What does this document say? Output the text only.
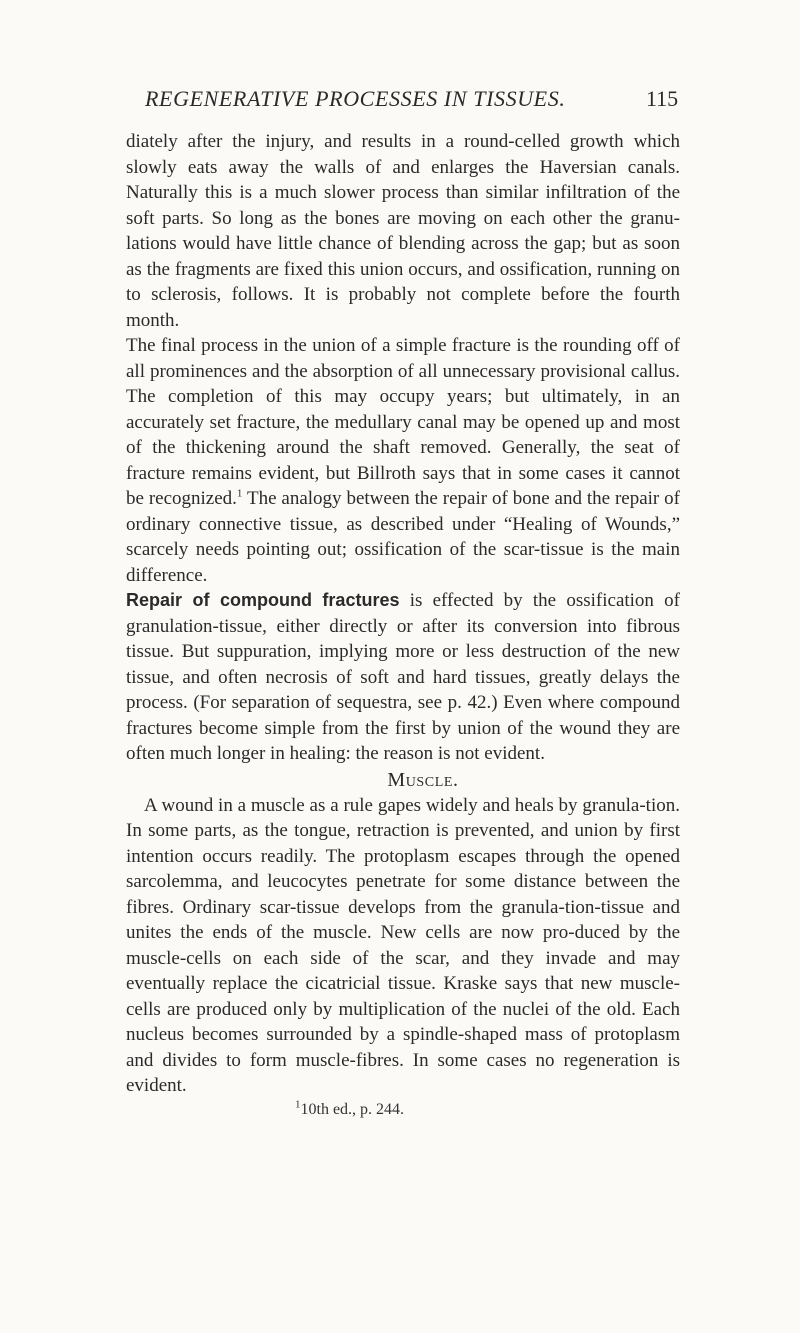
REGENERATIVE PROCESSES IN TISSUES.	115

diately after the injury, and results in a round-celled growth which slowly eats away the walls of and enlarges the Haversian canals. Naturally this is a much slower process than similar infiltration of the soft parts. So long as the bones are moving on each other the granu-lations would have little chance of blending across the gap; but as soon as the fragments are fixed this union occurs, and ossification, running on to sclerosis, follows. It is probably not complete before the fourth month.

The final process in the union of a simple fracture is the rounding off of all prominences and the absorption of all unnecessary provisional callus. The completion of this may occupy years; but ultimately, in an accurately set fracture, the medullary canal may be opened up and most of the thickening around the shaft removed. Generally, the seat of fracture remains evident, but Billroth says that in some cases it cannot be recognized.$^1$ The analogy between the repair of bone and the repair of ordinary connective tissue, as described under “Healing of Wounds,” scarcely needs pointing out; ossification of the scar-tissue is the main difference.

Repair of compound fractures is effected by the ossification of granulation-tissue, either directly or after its conversion into fibrous tissue. But suppuration, implying more or less destruction of the new tissue, and often necrosis of soft and hard tissues, greatly delays the process. (For separation of sequestra, see p. 42.) Even where compound fractures become simple from the first by union of the wound they are often much longer in healing: the reason is not evident.

Muscle.

A wound in a muscle as a rule gapes widely and heals by granula-tion. In some parts, as the tongue, retraction is prevented, and union by first intention occurs readily. The protoplasm escapes through the opened sarcolemma, and leucocytes penetrate for some distance between the fibres. Ordinary scar-tissue develops from the granula-tion-tissue and unites the ends of the muscle. New cells are now pro-duced by the muscle-cells on each side of the scar, and they invade and may eventually replace the cicatricial tissue. Kraske says that new muscle-cells are produced only by multiplication of the nuclei of the old. Each nucleus becomes surrounded by a spindle-shaped mass of protoplasm and divides to form muscle-fibres. In some cases no regeneration is evident.

$^1$10th ed., p. 244.
